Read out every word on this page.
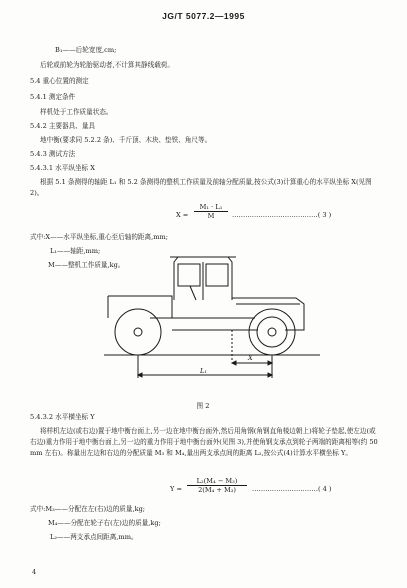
JG/T 5077.2—1995
B₁——后轮宽度,cm;
后轮或前轮为轮胎驱动者,不计算其静线载荷。
5.4 重心位置的测定
5.4.1 测定条件
样机处于工作质量状态。
5.4.2 主要器具、量具
地中衡(要求同 5.2.2 条)、千斤顶、木块、垫铁、角尺等。
5.4.3 测试方法
5.4.3.1 水平纵坐标 X
根据 5.1 条测得的轴距 L₁ 和 5.2 条测得的整机工作质量及前轴分配质量,按公式(3)计算重心的水平纵坐标 X(见图 2)。
$X = \frac{\text{M₁ · L₁}}{M}$ …………………………………( 3 )
式中:X——水平纵坐标,重心至后轴的距离,mm;
L₁——轴距,mm;
M——整机工作质量,kg。
X
L₁
图 2
5.4.3.2 水平横坐标 Y
将样机左边(或右边)置于地中衡台面上,另一边在地中衡台面外,然后用角钢(角钢直角棱边朝上)将轮子垫起,使左边(或右边)重力作用于地中衡台面上,另一边的重力作用于地中衡台面外(见图 3),并使角钢支承点到轮子两端的距离相等(约 50 mm 左右)。称量出左边和右边的分配质量 M₃ 和 M₄,量出两支承点间的距离 L₂,按公式(4)计算水平横坐标 Y。
$Y = \frac{\text{L₂(M₄ − M₃)}}{\text{2(M₄ + M₃)}}$ …………………………( 4 )
式中:M₃——分配在左(右)边的质量,kg;
M₄——分配在轮子右(左)边的质量,kg;
L₂——两支承点间距离,mm。
4
